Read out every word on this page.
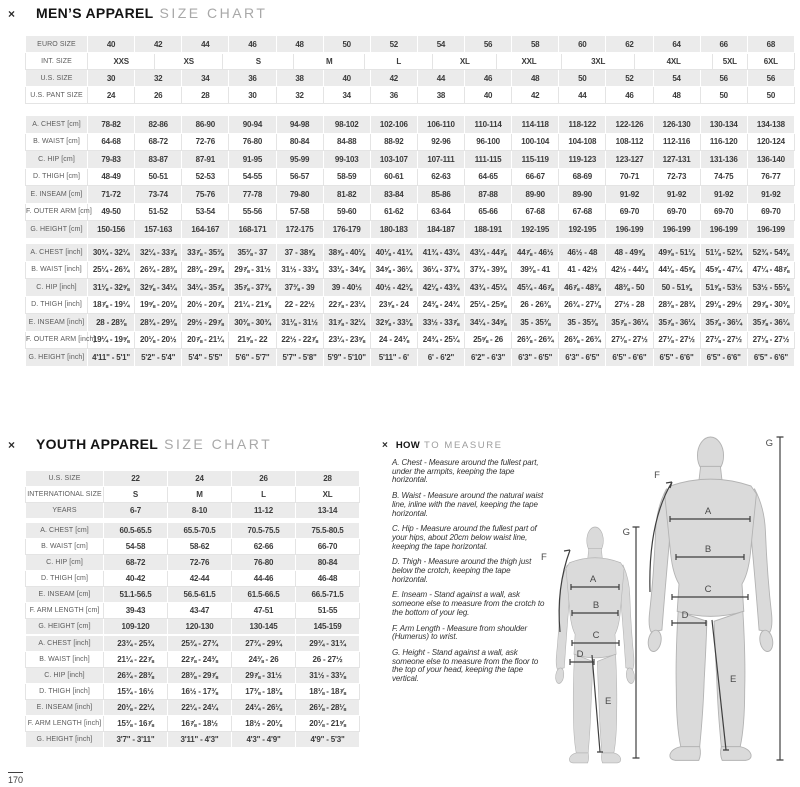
× MEN’S APPAREL SIZE CHART
EURO SIZE	40	42	44	46	48	50	52	54	56	58	60	62	64	66	68
INT. SIZE	XXS	XS	S	M	L	XL	XXL	3XL	4XL	5XL	6XL

U.S. SIZE	30	32	34	36	38	40	42	44	46	48	50	52	54	56	56
U.S. PANT SIZE	24	26	28	30	32	34	36	38	40	42	44	46	48	50	50
A. CHEST [cm]	78-82	82-86	86-90	90-94	94-98	98-102	102-106	106-110	110-114	114-118	118-122	122-126	126-130	130-134	134-138
B. WAIST [cm]	64-68	68-72	72-76	76-80	80-84	84-88	88-92	92-96	96-100	100-104	104-108	108-112	112-116	116-120	120-124
C. HIP [cm]	79-83	83-87	87-91	91-95	95-99	99-103	103-107	107-111	111-115	115-119	119-123	123-127	127-131	131-136	136-140
D. THIGH [cm]	48-49	50-51	52-53	54-55	56-57	58-59	60-61	62-63	64-65	66-67	68-69	70-71	72-73	74-75	76-77
E. INSEAM [cm]	71-72	73-74	75-76	77-78	79-80	81-82	83-84	85-86	87-88	89-90	89-90	91-92	91-92	91-92	91-92
F. OUTER ARM [cm]	49-50	51-52	53-54	55-56	57-58	59-60	61-62	63-64	65-66	67-68	67-68	69-70	69-70	69-70	69-70
G. HEIGHT [cm]	150-156	157-163	164-167	168-171	172-175	176-179	180-183	184-187	188-191	192-195	192-195	196-199	196-199	196-199	196-199
A. CHEST [inch]	30¾ - 32¼	32¼ - 33⅞	33⅞ - 35⅜	35⅜ - 37	37 - 38⅝	38⅝ - 40⅛	40⅛ - 41¾	41¾ - 43¼	43¼ - 44⅞	44⅞ - 46½	46½ - 48	48 - 49⅝	49⅝ - 51⅛	51⅛ - 52¾	52¾ - 54⅜
B. WAIST [inch]	25¼ - 26¾	26¾ - 28⅜	28⅜ - 29⅞	29⅞ - 31½	31½ - 33⅛	33⅛ - 34⅝	34⅝ - 36¼	36¼ - 37¾	37¾ - 39⅜	39⅜ - 41	41 - 42½	42½ - 44⅛	44⅛ - 45⅝	45⅝ - 47¼	47¼ - 48⅞
C. HIP [inch]	31⅛ - 32⅝	32⅝ - 34¼	34¼ - 35⅞	35⅞ - 37⅜	37⅜ - 39	39 - 40½	40½ - 42⅛	42⅛ - 43¾	43¾ - 45¼	45¼ - 46⅞	46⅞ - 48⅜	48⅜ - 50	50 - 51⅝	51⅝ - 53½	53½ - 55⅛
D. THIGH [inch]	18⅞ - 19¼	19⅝ - 20⅛	20½ - 20⅞	21¼ - 21⅝	22 - 22½	22⅞ - 23¼	23⅝ - 24	24⅜ - 24¾	25¼ - 25⅝	26 - 26⅜	26¾ - 27⅛	27½ - 28	28⅜ - 28¾	29⅛ - 29½	29⅞ - 30⅜
E. INSEAM [inch]	28 - 28⅜	28¾ - 29⅛	29½ - 29⅞	30⅜ - 30¾	31⅛ - 31½	31⅞ - 32¼	32⅝ - 33⅛	33½ - 33⅞	34¼ - 34⅝	35 - 35⅜	35 - 35⅜	35⅞ - 36¼	35⅞ - 36¼	35⅞ - 36¼	35⅞ - 36¼
F. OUTER ARM [inch]	19¼ - 19⅝	20⅛ - 20½	20⅞ - 21¼	21⅝ - 22	22½ - 22⅞	23¼ - 23⅝	24 - 24⅜	24¾ - 25¼	25⅝ - 26	26⅜ - 26¾	26⅜ - 26¾	27⅛ - 27½	27⅛ - 27½	27⅛ - 27½	27⅛ - 27½
G. HEIGHT [inch]	4'11" - 5'1"	5'2" - 5'4"	5'4" - 5'5"	5'6" - 5'7"	5'7" - 5'8"	5'9" - 5'10"	5'11" - 6'	6' - 6'2"	6'2" - 6'3"	6'3" - 6'5"	6'3" - 6'5"	6'5" - 6'6"	6'5" - 6'6"	6'5" - 6'6"	6'5" - 6'6"
× YOUTH APPAREL SIZE CHART
U.S. SIZE	22	24	26	28
INTERNATIONAL SIZE	S	M	L	XL
YEARS	6-7	8-10	11-12	13-14
A. CHEST [cm]	60.5-65.5	65.5-70.5	70.5-75.5	75.5-80.5
B. WAIST [cm]	54-58	58-62	62-66	66-70
C. HIP [cm]	68-72	72-76	76-80	80-84
D. THIGH [cm]	40-42	42-44	44-46	46-48
E. INSEAM [cm]	51.1-56.5	56.5-61.5	61.5-66.5	66.5-71.5
F. ARM LENGTH [cm]	39-43	43-47	47-51	51-55
G. HEIGHT [cm]	109-120	120-130	130-145	145-159
A. CHEST [inch]	23¾ - 25¾	25¾ - 27¾	27¾ - 29¾	29¾ - 31¾
B. WAIST [inch]	21¼ - 22⅞	22⅞ - 24⅜	24⅜ - 26	26 - 27½
C. HIP [inch]	26¾ - 28⅜	28⅜ - 29⅞	29⅞ - 31½	31½ - 33⅛
D. THIGH [inch]	15¾ - 16½	16½ - 17⅜	17⅜ - 18⅛	18⅛ - 18⅞
E. INSEAM [inch]	20⅛ - 22¼	22¼ - 24¼	24¼ - 26⅛	26⅛ - 28⅛
F. ARM LENGTH [inch]	15⅜ - 16⅞	16⅞ - 18½	18½ - 20⅛	20⅛ - 21⅝
G. HEIGHT [inch]	3'7" - 3'11"	3'11" - 4'3"	4'3" - 4'9"	4'9" - 5'3"
× HOW TO MEASURE
A. Chest - Measure around the fullest part, under the armpits, keeping the tape horizontal.
B. Waist - Measure around the natural waist line, inline with the navel, keeping the tape horizontal.
C. Hip - Measure around the fullest part of your hips, about 20cm below waist line, keeping the tape horizontal.
D. Thigh - Measure around the thigh just below the crotch, keeping the tape horizontal.
E. Inseam - Stand against a wall, ask someone else to measure from the crotch to the bottom of your leg.
F. Arm Length - Measure from shoulder (Humerus) to wrist.
G. Height - Stand against a wall, ask someone else to measure from the floor to the top of your head, keeping the tape vertical.
A
B
C
D
E
F
G
A
B
C
D
E
F
G
170
